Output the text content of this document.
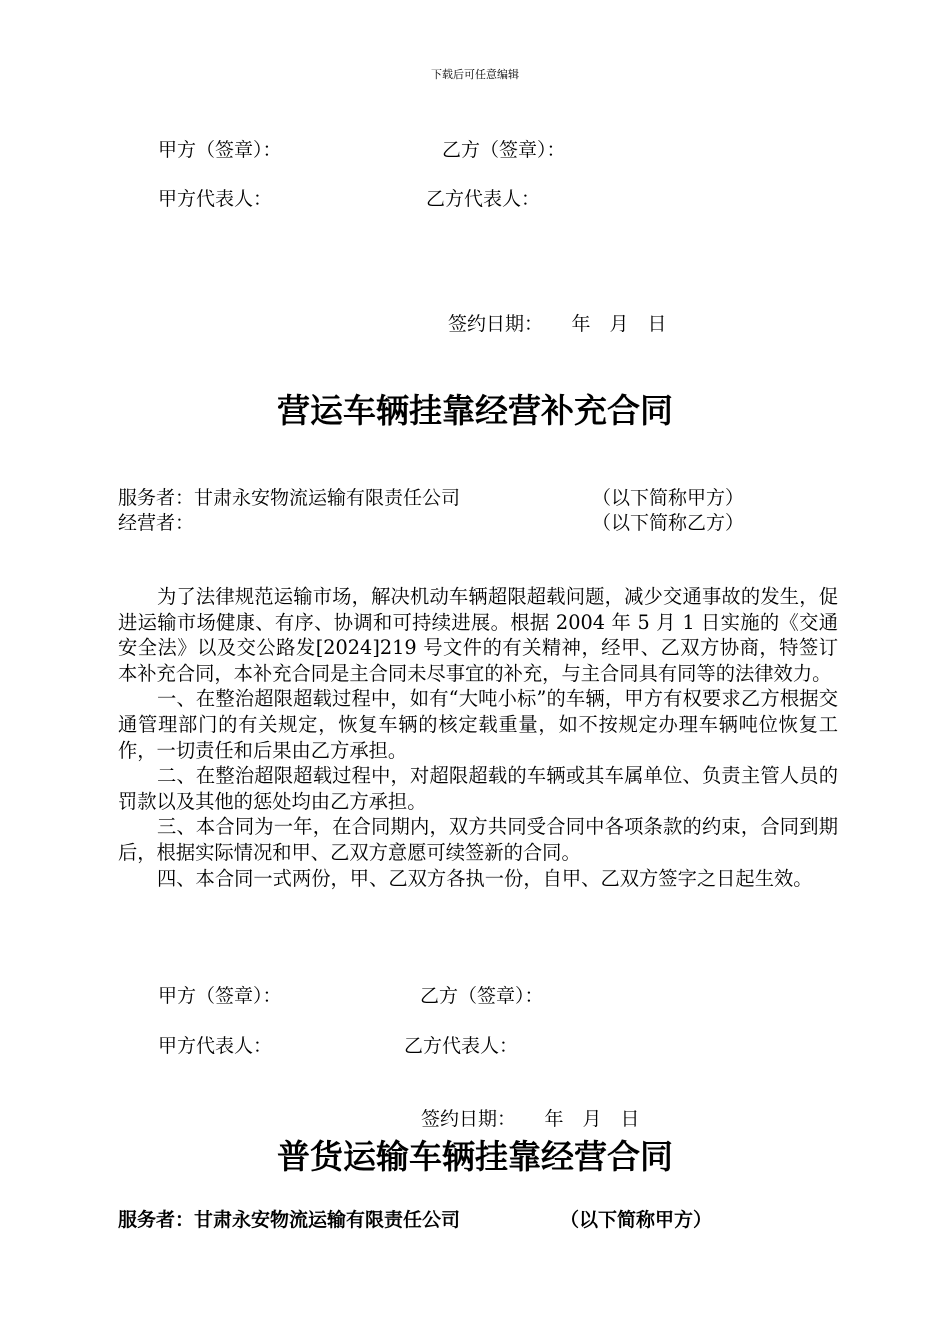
下载后可任意编辑
甲方（签章）：	乙方（签章）：
甲方代表人：	乙方代表人：
签约日期：　　年　月　日
营运车辆挂靠经营补充合同
服务者：甘肃永安物流运输有限责任公司	（以下简称甲方）
经营者：	（以下简称乙方）

为了法律规范运输市场，解决机动车辆超限超载问题，减少交通事故的发生，促进运输市场健康、有序、协调和可持续进展。根据 2004 年 5 月 1 日实施的《交通安全法》以及交公路发[2024]219 号文件的有关精神，经甲、乙双方协商，特签订本补充合同，本补充合同是主合同未尽事宜的补充，与主合同具有同等的法律效力。

一、在整治超限超载过程中，如有“大吨小标”的车辆，甲方有权要求乙方根据交通管理部门的有关规定，恢复车辆的核定载重量，如不按规定办理车辆吨位恢复工作，一切责任和后果由乙方承担。

二、在整治超限超载过程中，对超限超载的车辆或其车属单位、负责主管人员的罚款以及其他的惩处均由乙方承担。

三、本合同为一年，在合同期内，双方共同受合同中各项条款的约束，合同到期后，根据实际情况和甲、乙双方意愿可续签新的合同。

四、本合同一式两份，甲、乙双方各执一份，自甲、乙双方签字之日起生效。

甲方（签章）：	乙方（签章）：
甲方代表人：	乙方代表人：
签约日期：　　年　月　日
普货运输车辆挂靠经营合同
服务者：甘肃永安物流运输有限责任公司	（以下简称甲方）
